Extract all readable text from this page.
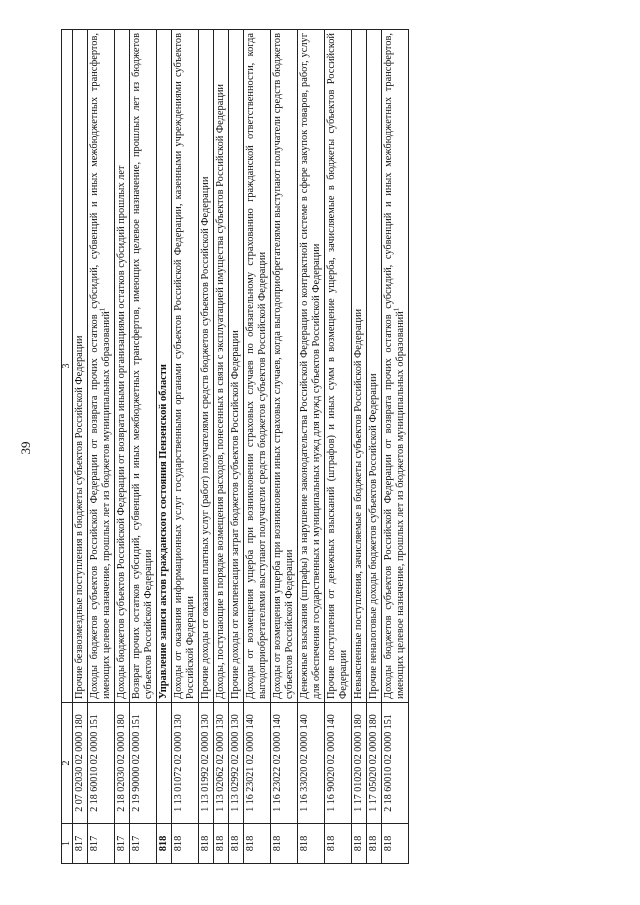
39
1	2	3
817	2 07 02030 02 0000 180	Прочие безвозмездные поступления в бюджеты субъектов Российской Федерации
817	2 18 60010 02 0000 151	Доходы бюджетов субъектов Российской Федерации от возврата прочих остатков субсидий, субвенций и иных межбюджетных трансфертов, имеющих целевое назначение, прошлых лет из бюджетов муниципальных образований$^1$
817	2 18 02030 02 0000 180	Доходы бюджетов субъектов Российской Федерации от возврата иными организациями остатков субсидий прошлых лет
817	2 19 90000 02 0000 151	Возврат прочих остатков субсидий, субвенций и иных межбюджетных трансфертов, имеющих целевое назначение, прошлых лет из бюджетов субъектов Российской Федерации
818		Управление записи актов гражданского состояния Пензенской области
818	1 13 01072 02 0000 130	Доходы от оказания информационных услуг государственными органами субъектов Российской Федерации, казенными учреждениями субъектов Российской Федерации
818	1 13 01992 02 0000 130	Прочие доходы от оказания платных услуг (работ) получателями средств бюджетов субъектов Российской Федерации
818	1 13 02062 02 0000 130	Доходы, поступающие в порядке возмещения расходов, понесенных в связи с эксплуатацией имущества субъектов Российской Федерации
818	1 13 02992 02 0000 130	Прочие доходы от компенсации затрат бюджетов субъектов Российской Федерации
818	1 16 23021 02 0000 140	Доходы от возмещения ущерба при возникновении страховых случаев по обязательному страхованию гражданской ответственности, когда выгодоприобретателями выступают получатели средств бюджетов субъектов Российской Федерации
818	1 16 23022 02 0000 140	Доходы от возмещения ущерба при возникновении иных страховых случаев, когда выгодоприобретателями выступают получатели средств бюджетов субъектов Российской Федерации
818	1 16 33020 02 0000 140	Денежные взыскания (штрафы) за нарушение законодательства Российской Федерации о контрактной системе в сфере закупок товаров, работ, услуг для обеспечения государственных и муниципальных нужд для нужд субъектов Российской Федерации
818	1 16 90020 02 0000 140	Прочие поступления от денежных взысканий (штрафов) и иных сумм в возмещение ущерба, зачисляемые в бюджеты субъектов Российской Федерации
818	1 17 01020 02 0000 180	Невыясненные поступления, зачисляемые в бюджеты субъектов Российской Федерации
818	1 17 05020 02 0000 180	Прочие неналоговые доходы бюджетов субъектов Российской Федерации
818	2 18 60010 02 0000 151	Доходы бюджетов субъектов Российской Федерации от возврата прочих остатков субсидий, субвенций и иных межбюджетных трансфертов, имеющих целевое назначение, прошлых лет из бюджетов муниципальных образований$^1$
